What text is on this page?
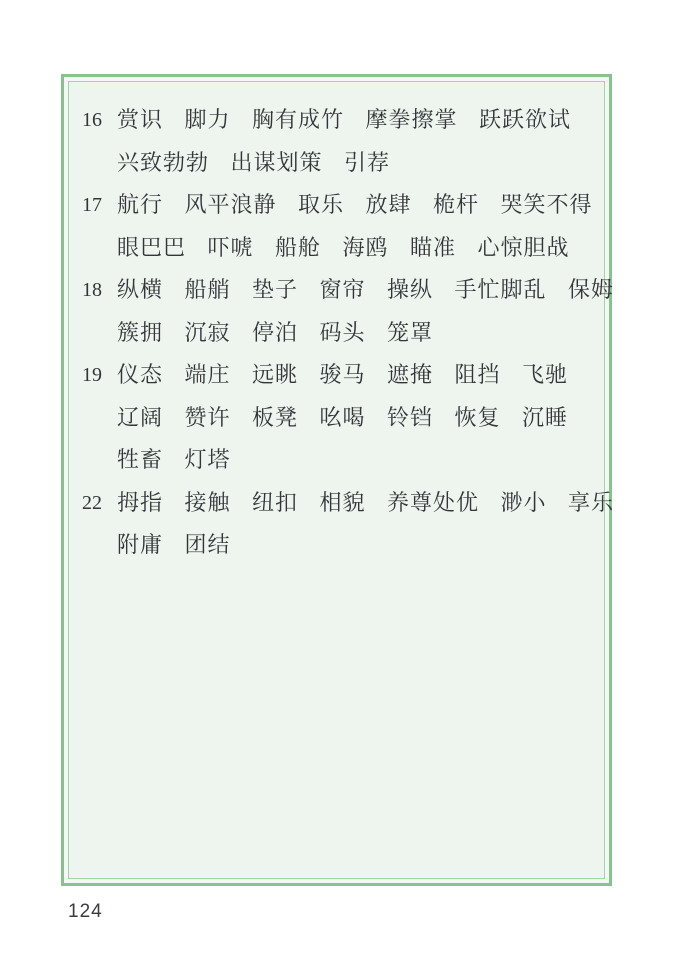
16 赏识 脚力 胸有成竹 摩拳擦掌 跃跃欲试
兴致勃勃 出谋划策 引荐
17 航行 风平浪静 取乐 放肆 桅杆 哭笑不得
眼巴巴 吓唬 船舱 海鸥 瞄准 心惊胆战
18 纵横 船艄 垫子 窗帘 操纵 手忙脚乱 保姆
簇拥 沉寂 停泊 码头 笼罩
19 仪态 端庄 远眺 骏马 遮掩 阻挡 飞驰
辽阔 赞许 板凳 吆喝 铃铛 恢复 沉睡
牲畜 灯塔
22 拇指 接触 纽扣 相貌 养尊处优 渺小 享乐
附庸 团结
124
